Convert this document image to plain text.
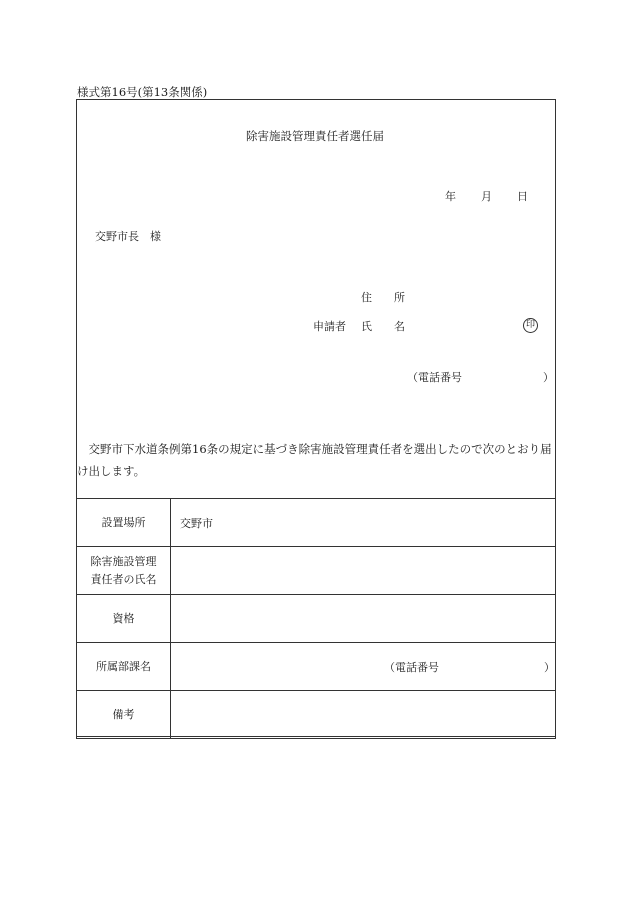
様式第16号(第13条関係)
除害施設管理責任者選任届
年 月 日
交野市長　様
住　　所
申請者 氏　　名	印
（電話番号	）
交野市下水道条例第16条の規定に基づき除害施設管理責任者を選出したので次のとおり届け出します。
設置場所	交野市
除害施設管理責任者の氏名	
資格	
所属部課名	（電話番号 ）

備考	
